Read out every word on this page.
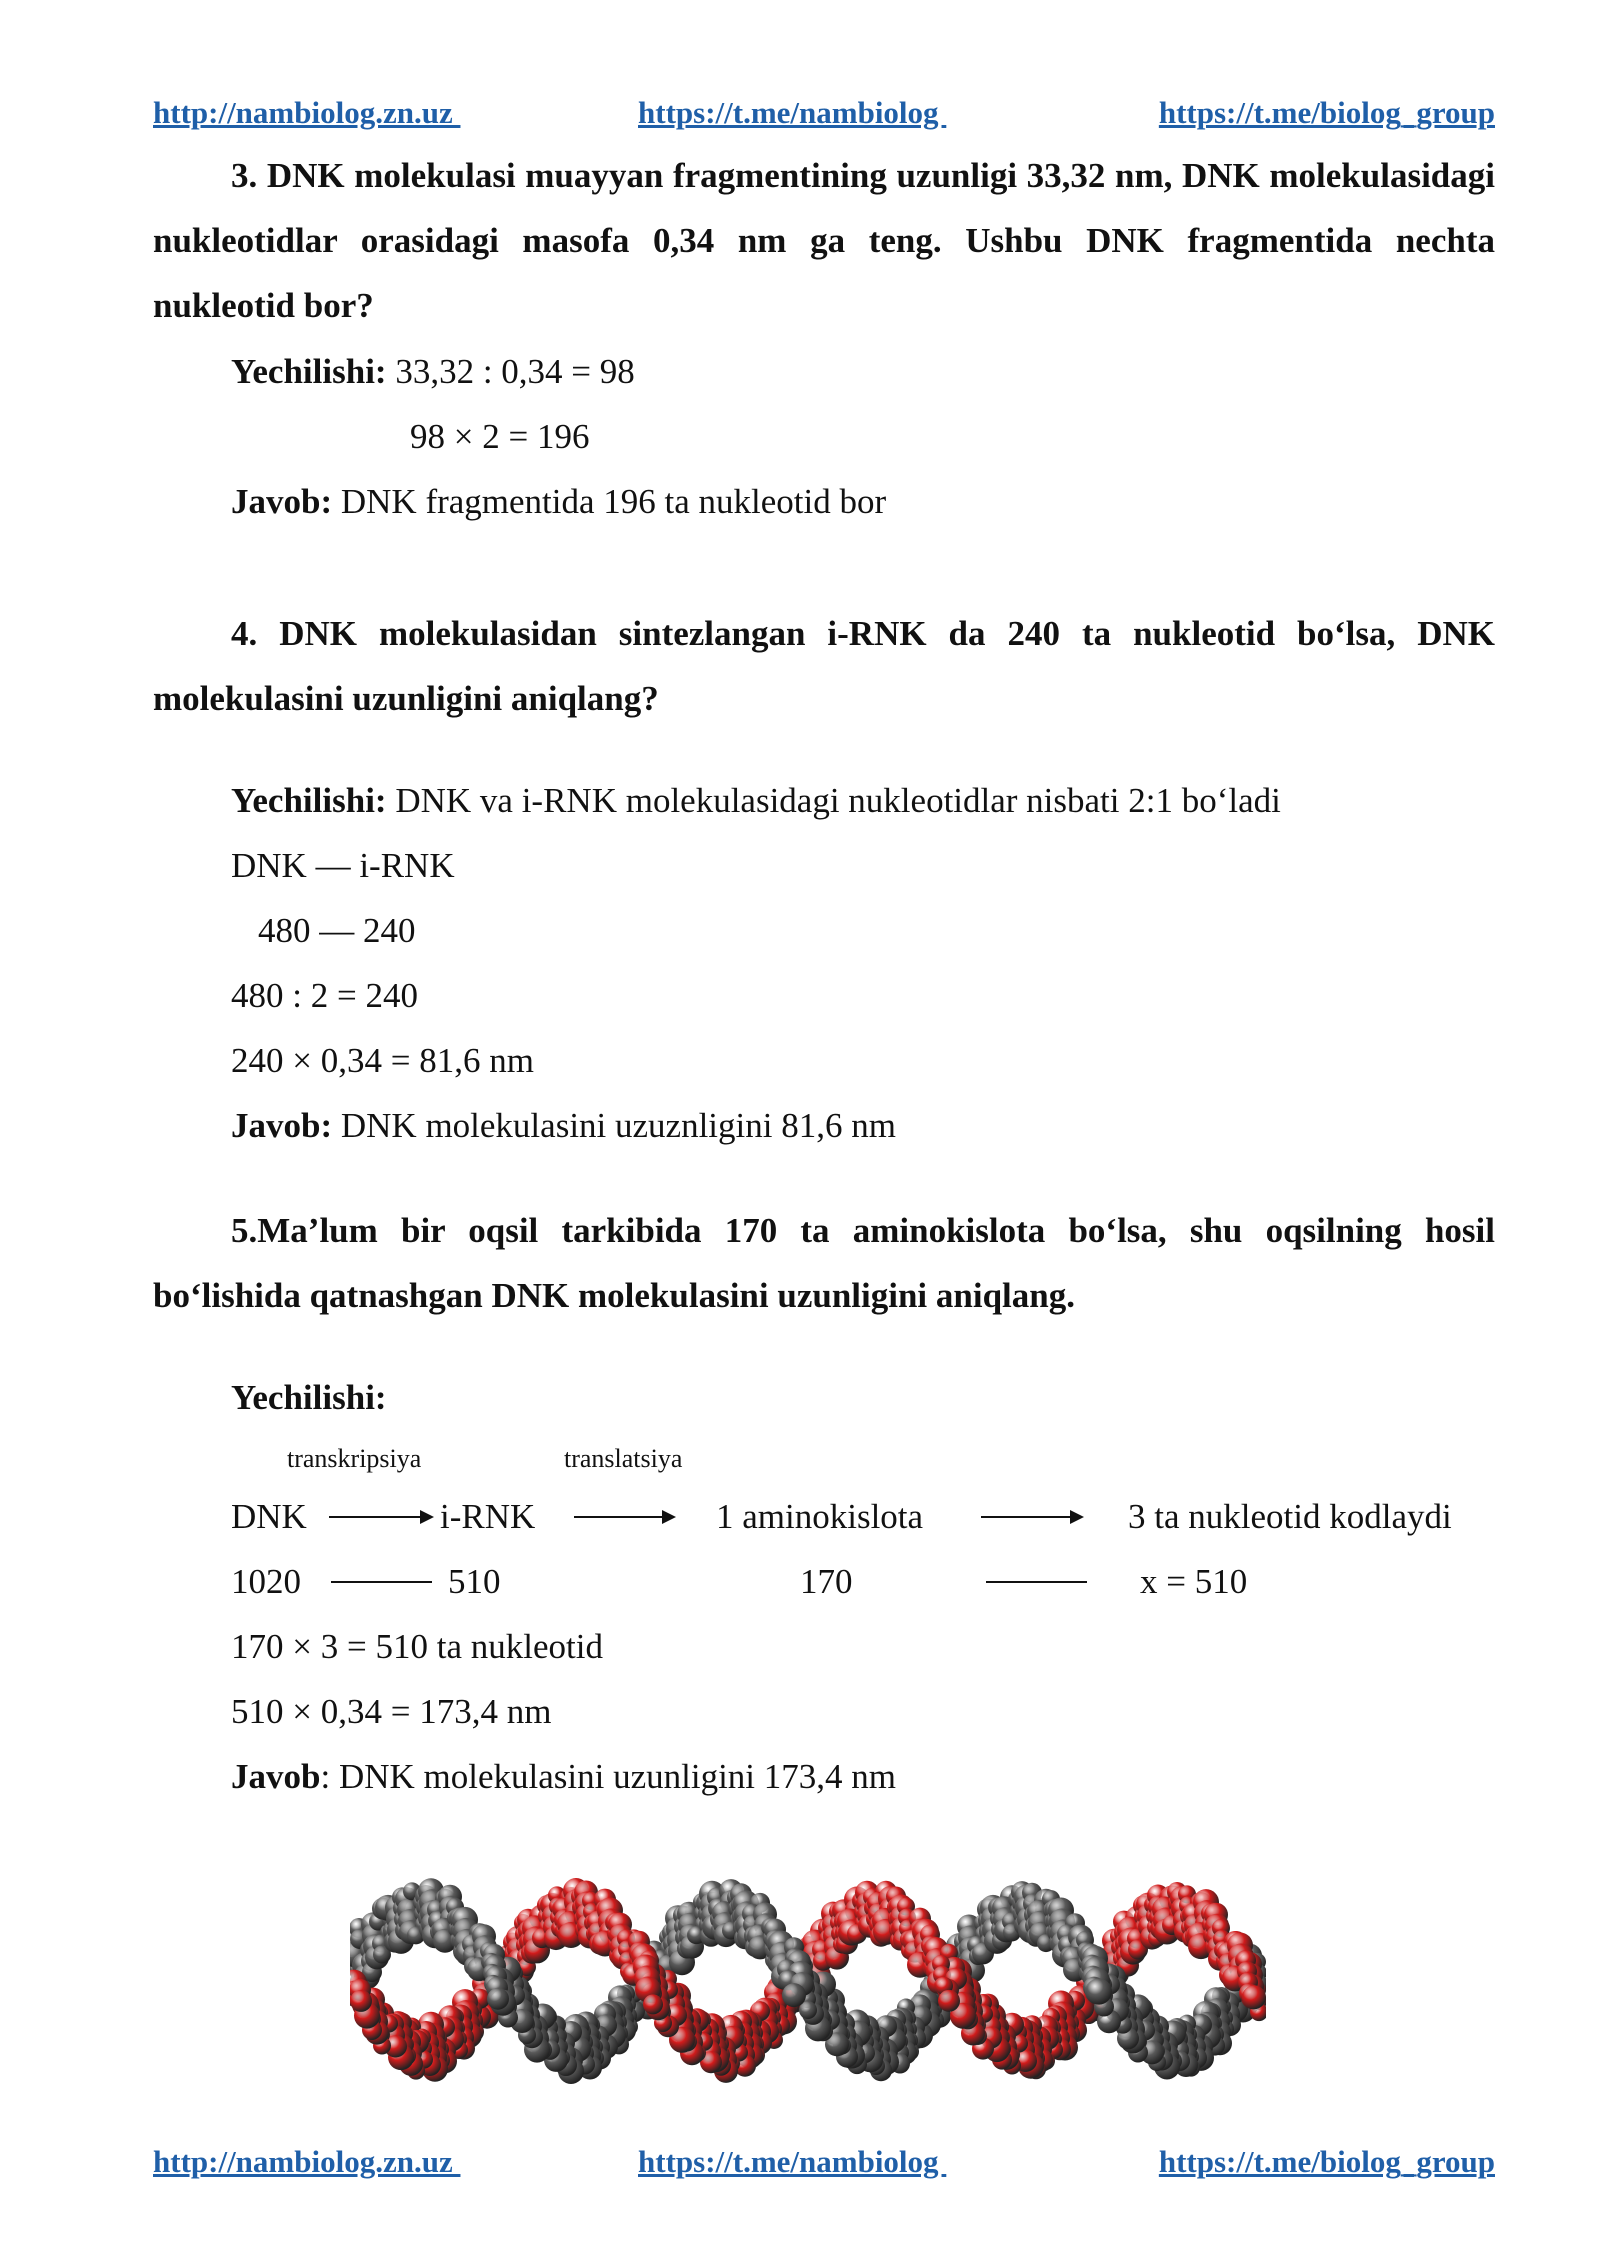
http://nambiolog.zn.uz	https://t.me/nambiolog	https://t.me/biolog_group

3. DNK molekulasi muayyan fragmentining uzunligi 33,32 nm, DNK molekulasidagi nukleotidlar orasidagi masofa 0,34 nm ga teng. Ushbu DNK fragmentida nechta nukleotid bor?

Yechilishi: 33,32 : 0,34 = 98
98 × 2 = 196
Javob: DNK fragmentida 196 ta nukleotid bor

4. DNK molekulasidan sintezlangan i-RNK da 240 ta nukleotid bo‘lsa, DNK molekulasini uzunligini aniqlang?

Yechilishi: DNK va i-RNK molekulasidagi nukleotidlar nisbati 2:1 bo‘ladi
DNK — i-RNK
480 — 240
480 : 2 = 240
240 × 0,34 = 81,6 nm
Javob: DNK molekulasini uzuznligini 81,6 nm

5.Ma’lum bir oqsil tarkibida 170 ta aminokislota bo‘lsa, shu oqsilning hosil bo‘lishida qatnashgan DNK molekulasini uzunligini aniqlang.

Yechilishi:
transkripsiya	translatsiya
DNK	i-RNK	1 aminokislota	3 ta nukleotid kodlaydi
1020	510	170	x = 510
170 × 3 = 510 ta nukleotid
510 × 0,34 = 173,4 nm
Javob: DNK molekulasini uzunligini 173,4 nm
http://nambiolog.zn.uz	https://t.me/nambiolog	https://t.me/biolog_group
